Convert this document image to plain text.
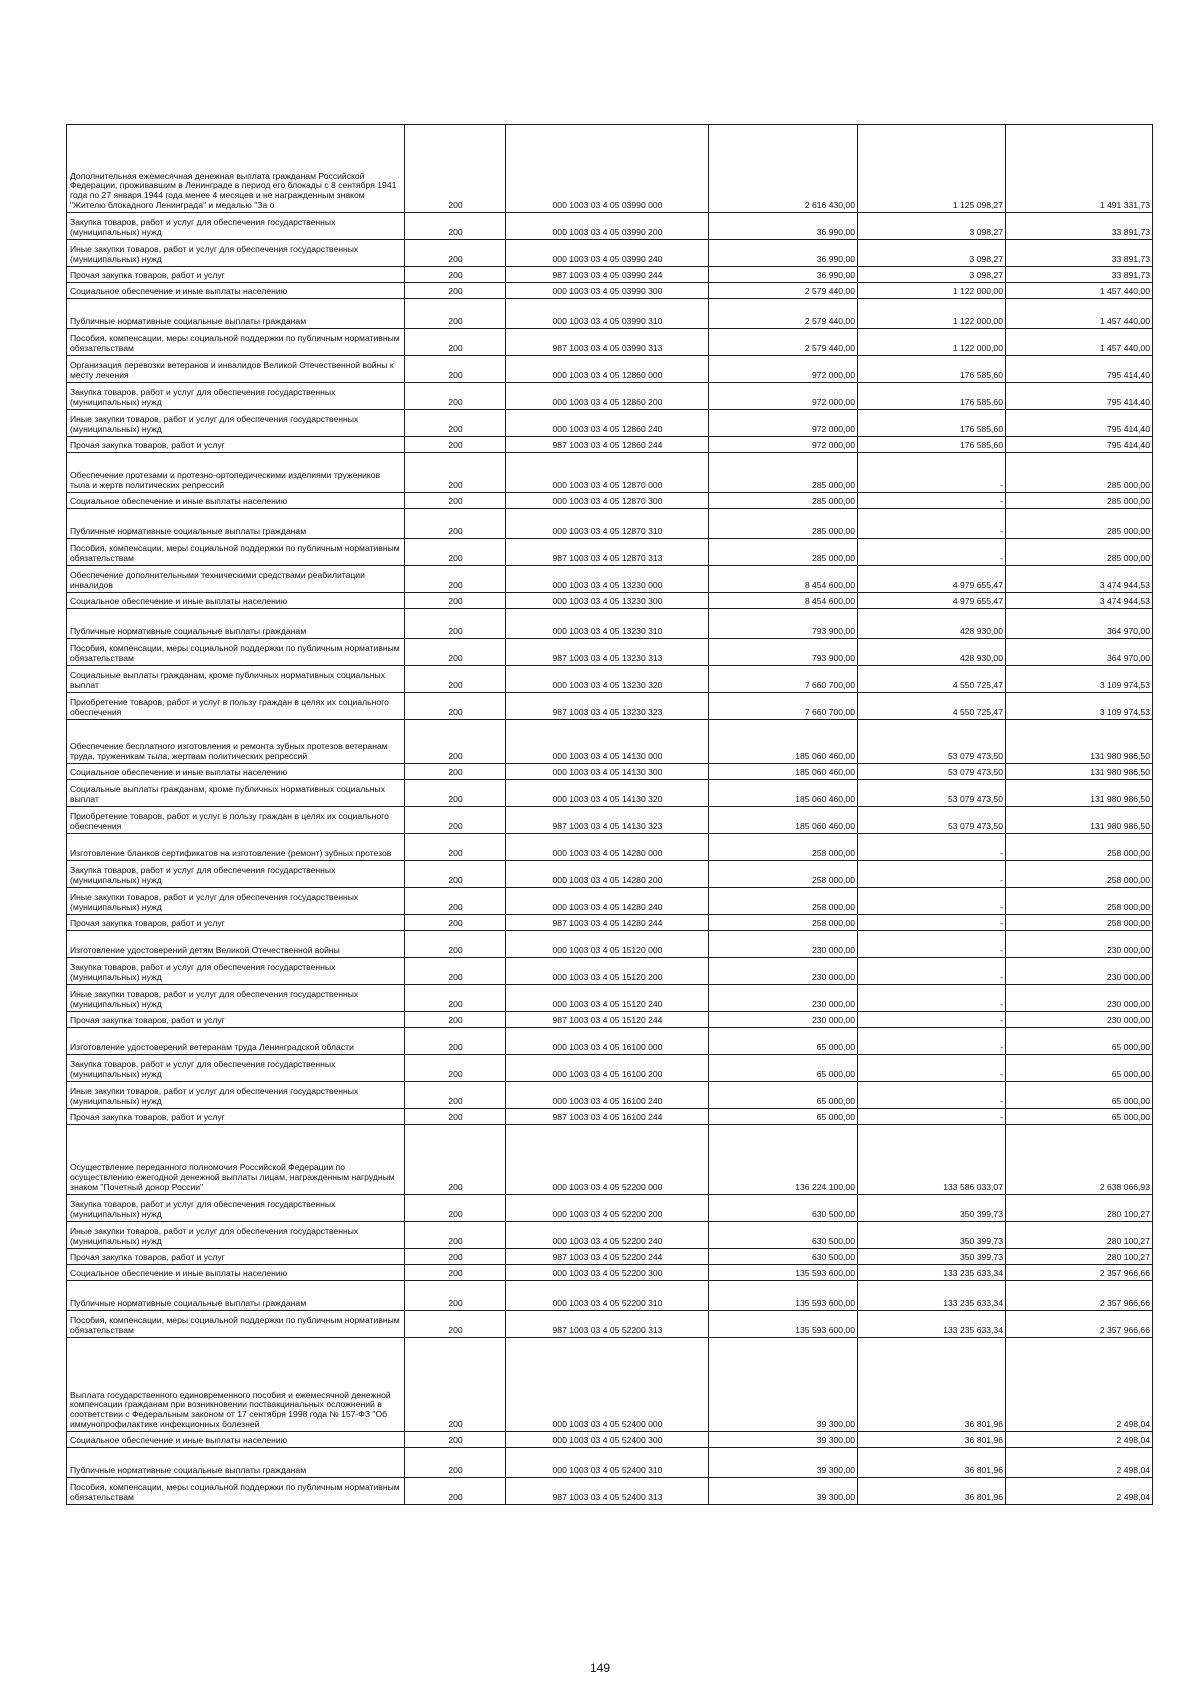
Дополнительная ежемесячная денежная выплата гражданам Российской Федерации, проживавшим в Ленинграде в период его блокады с 8 сентября 1941 года по 27 января 1944 года менее 4 месяцев и не награжденным знаком "Жителю блокадного Ленинграда" и медалью "За о	200	000 1003 03 4 05 03990 000	2 616 430,00	1 125 098,27	1 491 331,73
Закупка товаров, работ и услуг для обеспечения государственных (муниципальных) нужд	200	000 1003 03 4 05 03990 200	36 990,00	3 098,27	33 891,73
Иные закупки товаров, работ и услуг для обеспечения государственных (муниципальных) нужд	200	000 1003 03 4 05 03990 240	36 990,00	3 098,27	33 891,73
Прочая закупка товаров, работ и услуг	200	987 1003 03 4 05 03990 244	36 990,00	3 098,27	33 891,73
Социальное обеспечение и иные выплаты населению	200	000 1003 03 4 05 03990 300	2 579 440,00	1 122 000,00	1 457 440,00
Публичные нормативные социальные выплаты гражданам	200	000 1003 03 4 05 03990 310	2 579 440,00	1 122 000,00	1 457 440,00
Пособия, компенсации, меры социальной поддержки по публичным нормативным обязательствам	200	987 1003 03 4 05 03990 313	2 579 440,00	1 122 000,00	1 457 440,00
Организация перевозки ветеранов и инвалидов Великой Отечественной войны к месту лечения	200	000 1003 03 4 05 12860 000	972 000,00	176 585,60	795 414,40
Закупка товаров, работ и услуг для обеспечения государственных (муниципальных) нужд	200	000 1003 03 4 05 12860 200	972 000,00	176 585,60	795 414,40
Иные закупки товаров, работ и услуг для обеспечения государственных (муниципальных) нужд	200	000 1003 03 4 05 12860 240	972 000,00	176 585,60	795 414,40
Прочая закупка товаров, работ и услуг	200	987 1003 03 4 05 12860 244	972 000,00	176 585,60	795 414,40
Обеспечение протезами и протезно-ортопедическими изделиями тружеников тыла и жертв политических репрессий	200	000 1003 03 4 05 12870 000	285 000,00	-	285 000,00
Социальное обеспечение и иные выплаты населению	200	000 1003 03 4 05 12870 300	285 000,00	-	285 000,00
Публичные нормативные социальные выплаты гражданам	200	000 1003 03 4 05 12870 310	285 000,00	-	285 000,00
Пособия, компенсации, меры социальной поддержки по публичным нормативным обязательствам	200	987 1003 03 4 05 12870 313	285 000,00	-	285 000,00
Обеспечение дополнительными техническими средствами реабилитации инвалидов	200	000 1003 03 4 05 13230 000	8 454 600,00	4 979 655,47	3 474 944,53
Социальное обеспечение и иные выплаты населению	200	000 1003 03 4 05 13230 300	8 454 600,00	4 979 655,47	3 474 944,53
Публичные нормативные социальные выплаты гражданам	200	000 1003 03 4 05 13230 310	793 900,00	428 930,00	364 970,00
Пособия, компенсации, меры социальной поддержки по публичным нормативным обязательствам	200	987 1003 03 4 05 13230 313	793 900,00	428 930,00	364 970,00
Социальные выплаты гражданам, кроме публичных нормативных социальных выплат	200	000 1003 03 4 05 13230 320	7 660 700,00	4 550 725,47	3 109 974,53
Приобретение товаров, работ и услуг в пользу граждан в целях их социального обеспечения	200	987 1003 03 4 05 13230 323	7 660 700,00	4 550 725,47	3 109 974,53
Обеспечение бесплатного изготовления и ремонта зубных протезов ветеранам труда, труженикам тыла, жертвам политических репрессий	200	000 1003 03 4 05 14130 000	185 060 460,00	53 079 473,50	131 980 986,50
Социальное обеспечение и иные выплаты населению	200	000 1003 03 4 05 14130 300	185 060 460,00	53 079 473,50	131 980 986,50
Социальные выплаты гражданам, кроме публичных нормативных социальных выплат	200	000 1003 03 4 05 14130 320	185 060 460,00	53 079 473,50	131 980 986,50
Приобретение товаров, работ и услуг в пользу граждан в целях их социального обеспечения	200	987 1003 03 4 05 14130 323	185 060 460,00	53 079 473,50	131 980 986,50
Изготовление бланков сертификатов на изготовление (ремонт) зубных протезов	200	000 1003 03 4 05 14280 000	258 000,00	-	258 000,00
Закупка товаров, работ и услуг для обеспечения государственных (муниципальных) нужд	200	000 1003 03 4 05 14280 200	258 000,00	-	258 000,00
Иные закупки товаров, работ и услуг для обеспечения государственных (муниципальных) нужд	200	000 1003 03 4 05 14280 240	258 000,00	-	258 000,00
Прочая закупка товаров, работ и услуг	200	987 1003 03 4 05 14280 244	258 000,00	-	258 000,00
Изготовление удостоверений детям Великой Отечественной войны	200	000 1003 03 4 05 15120 000	230 000,00	-	230 000,00
Закупка товаров, работ и услуг для обеспечения государственных (муниципальных) нужд	200	000 1003 03 4 05 15120 200	230 000,00	-	230 000,00
Иные закупки товаров, работ и услуг для обеспечения государственных (муниципальных) нужд	200	000 1003 03 4 05 15120 240	230 000,00	-	230 000,00
Прочая закупка товаров, работ и услуг	200	987 1003 03 4 05 15120 244	230 000,00	-	230 000,00
Изготовление удостоверений ветеранам труда Ленинградской области	200	000 1003 03 4 05 16100 000	65 000,00	-	65 000,00
Закупка товаров, работ и услуг для обеспечения государственных (муниципальных) нужд	200	000 1003 03 4 05 16100 200	65 000,00	-	65 000,00
Иные закупки товаров, работ и услуг для обеспечения государственных (муниципальных) нужд	200	000 1003 03 4 05 16100 240	65 000,00	-	65 000,00
Прочая закупка товаров, работ и услуг	200	987 1003 03 4 05 16100 244	65 000,00	-	65 000,00
Осуществление переданного полномочия Российской Федерации по осуществлению ежегодной денежной выплаты лицам, награжденным нагрудным знаком "Почетный донор России"	200	000 1003 03 4 05 52200 000	136 224 100,00	133 586 033,07	2 638 066,93
Закупка товаров, работ и услуг для обеспечения государственных (муниципальных) нужд	200	000 1003 03 4 05 52200 200	630 500,00	350 399,73	280 100,27
Иные закупки товаров, работ и услуг для обеспечения государственных (муниципальных) нужд	200	000 1003 03 4 05 52200 240	630 500,00	350 399,73	280 100,27
Прочая закупка товаров, работ и услуг	200	987 1003 03 4 05 52200 244	630 500,00	350 399,73	280 100,27
Социальное обеспечение и иные выплаты населению	200	000 1003 03 4 05 52200 300	135 593 600,00	133 235 633,34	2 357 966,66
Публичные нормативные социальные выплаты гражданам	200	000 1003 03 4 05 52200 310	135 593 600,00	133 235 633,34	2 357 966,66
Пособия, компенсации, меры социальной поддержки по публичным нормативным обязательствам	200	987 1003 03 4 05 52200 313	135 593 600,00	133 235 633,34	2 357 966,66
Выплата государственного единовременного пособия и ежемесячной денежной компенсации гражданам при возникновении поствакцинальных осложнений в соответствии с Федеральным законом от 17 сентября 1998 года № 157-ФЗ "Об иммунопрофилактике инфекционных болезней	200	000 1003 03 4 05 52400 000	39 300,00	36 801,96	2 498,04
Социальное обеспечение и иные выплаты населению	200	000 1003 03 4 05 52400 300	39 300,00	36 801,96	2 498,04
Публичные нормативные социальные выплаты гражданам	200	000 1003 03 4 05 52400 310	39 300,00	36 801,96	2 498,04
Пособия, компенсации, меры социальной поддержки по публичным нормативным обязательствам	200	987 1003 03 4 05 52400 313	39 300,00	36 801,96	2 498,04
149
